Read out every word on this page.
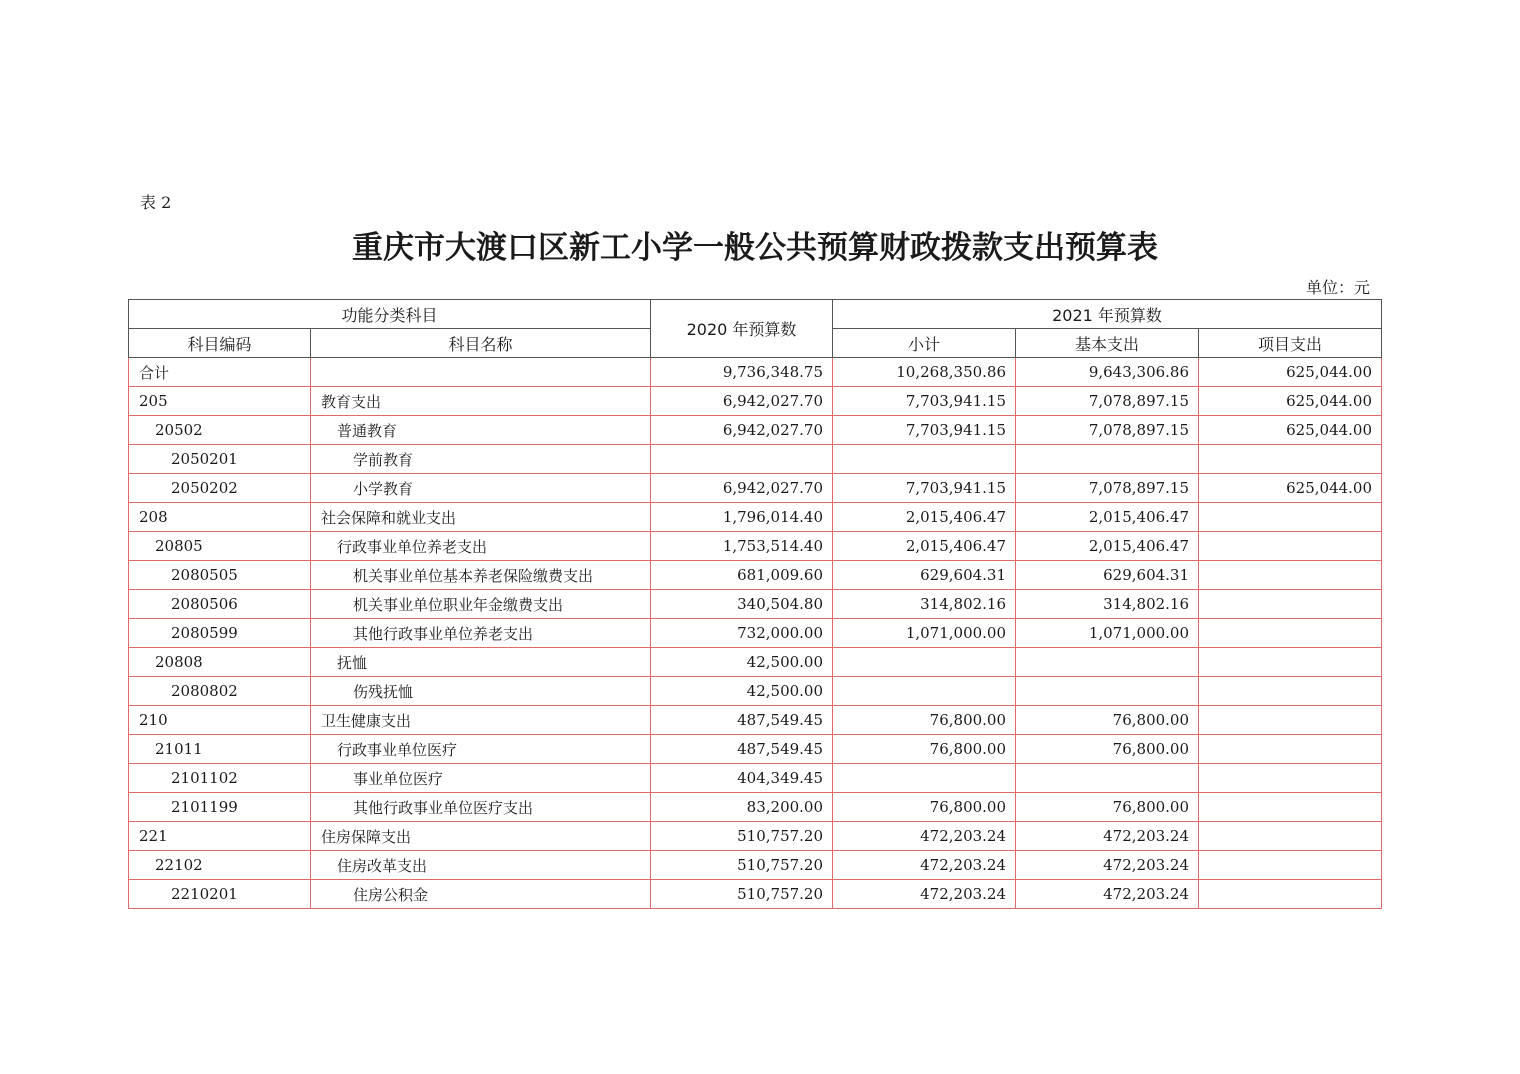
表 2
重庆市大渡口区新工小学一般公共预算财政拨款支出预算表
单位：元
功能分类科目		2020 年预算数	2021 年预算数		
科目编码	科目名称		小计	基本支出	项目支出
合计		9,736,348.75	10,268,350.86	9,643,306.86	625,044.00
205	教育支出	6,942,027.70	7,703,941.15	7,078,897.15	625,044.00
20502	普通教育	6,942,027.70	7,703,941.15	7,078,897.15	625,044.00
2050201	学前教育				
2050202	小学教育	6,942,027.70	7,703,941.15	7,078,897.15	625,044.00
208	社会保障和就业支出	1,796,014.40	2,015,406.47	2,015,406.47	
20805	行政事业单位养老支出	1,753,514.40	2,015,406.47	2,015,406.47	
2080505	机关事业单位基本养老保险缴费支出	681,009.60	629,604.31	629,604.31	
2080506	机关事业单位职业年金缴费支出	340,504.80	314,802.16	314,802.16	
2080599	其他行政事业单位养老支出	732,000.00	1,071,000.00	1,071,000.00	
20808	抚恤	42,500.00			
2080802	伤残抚恤	42,500.00			
210	卫生健康支出	487,549.45	76,800.00	76,800.00	
21011	行政事业单位医疗	487,549.45	76,800.00	76,800.00	
2101102	事业单位医疗	404,349.45			
2101199	其他行政事业单位医疗支出	83,200.00	76,800.00	76,800.00	
221	住房保障支出	510,757.20	472,203.24	472,203.24	
22102	住房改革支出	510,757.20	472,203.24	472,203.24	
2210201	住房公积金	510,757.20	472,203.24	472,203.24	
